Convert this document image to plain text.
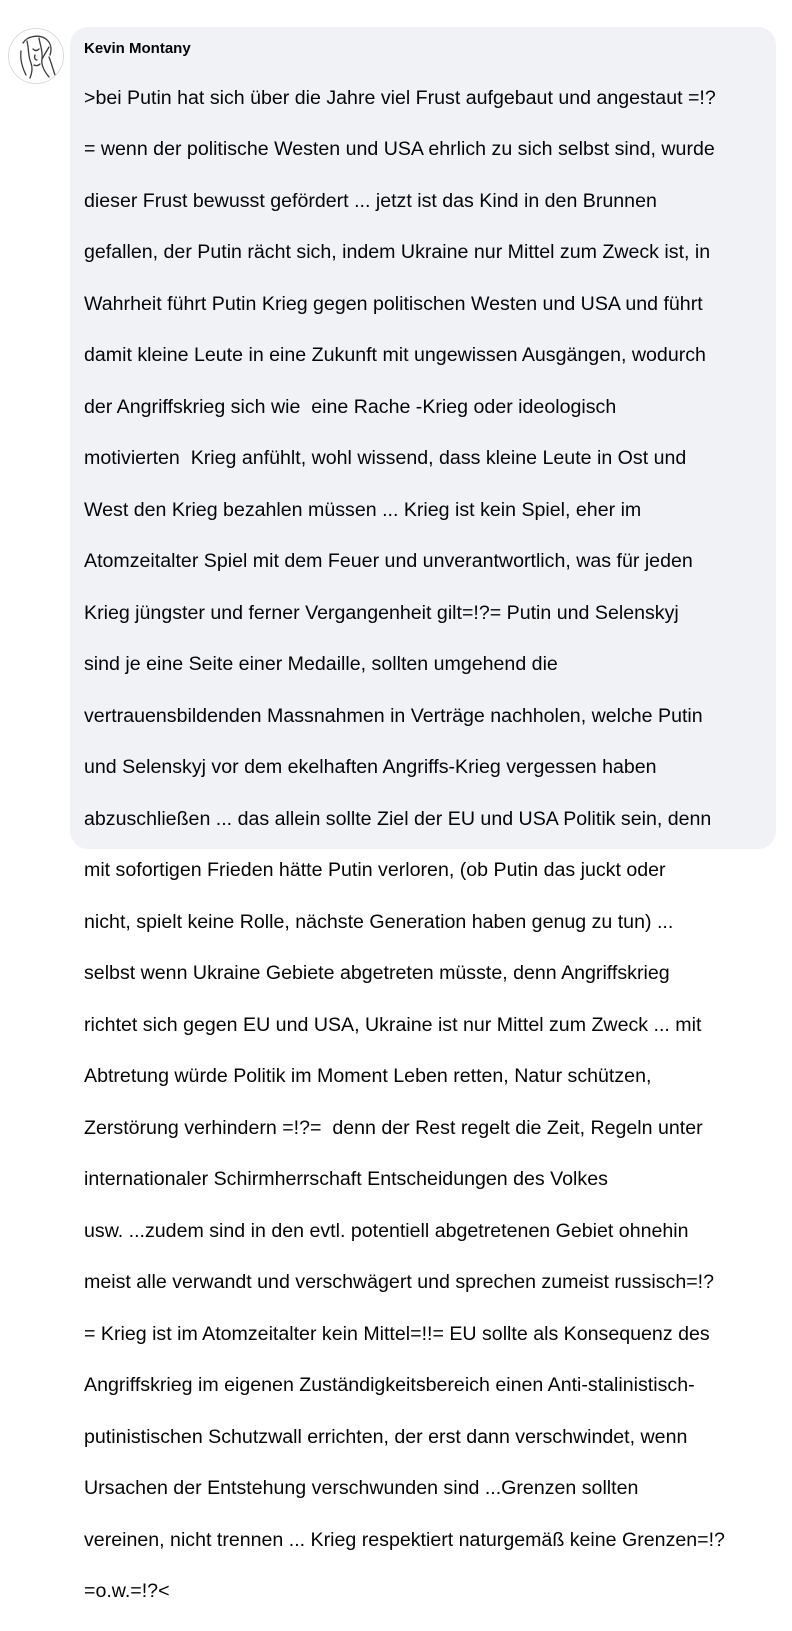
Kevin Montany

>bei Putin hat sich über die Jahre viel Frust aufgebaut und angestaut =!?

= wenn der politische Westen und USA ehrlich zu sich selbst sind, wurde

dieser Frust bewusst gefördert ... jetzt ist das Kind in den Brunnen

gefallen, der Putin rächt sich, indem Ukraine nur Mittel zum Zweck ist, in

Wahrheit führt Putin Krieg gegen politischen Westen und USA und führt

damit kleine Leute in eine Zukunft mit ungewissen Ausgängen, wodurch

der Angriffskrieg sich wie  eine Rache -Krieg oder ideologisch

motivierten  Krieg anfühlt, wohl wissend, dass kleine Leute in Ost und

West den Krieg bezahlen müssen ... Krieg ist kein Spiel, eher im

Atomzeitalter Spiel mit dem Feuer und unverantwortlich, was für jeden

Krieg jüngster und ferner Vergangenheit gilt=!?= Putin und Selenskyj

sind je eine Seite einer Medaille, sollten umgehend die

vertrauensbildenden Massnahmen in Verträge nachholen, welche Putin

und Selenskyj vor dem ekelhaften Angriffs-Krieg vergessen haben

abzuschließen ... das allein sollte Ziel der EU und USA Politik sein, denn

mit sofortigen Frieden hätte Putin verloren, (ob Putin das juckt oder

nicht, spielt keine Rolle, nächste Generation haben genug zu tun) ...

selbst wenn Ukraine Gebiete abgetreten müsste, denn Angriffskrieg

richtet sich gegen EU und USA, Ukraine ist nur Mittel zum Zweck ... mit

Abtretung würde Politik im Moment Leben retten, Natur schützen,

Zerstörung verhindern =!?=  denn der Rest regelt die Zeit, Regeln unter

internationaler Schirmherrschaft Entscheidungen des Volkes

usw. ...zudem sind in den evtl. potentiell abgetretenen Gebiet ohnehin

meist alle verwandt und verschwägert und sprechen zumeist russisch=!?

= Krieg ist im Atomzeitalter kein Mittel=!!= EU sollte als Konsequenz des

Angriffskrieg im eigenen Zuständigkeitsbereich einen Anti-stalinistisch-

putinistischen Schutzwall errichten, der erst dann verschwindet, wenn

Ursachen der Entstehung verschwunden sind ...Grenzen sollten

vereinen, nicht trennen ... Krieg respektiert naturgemäß keine Grenzen=!?

=o.w.=!?<
